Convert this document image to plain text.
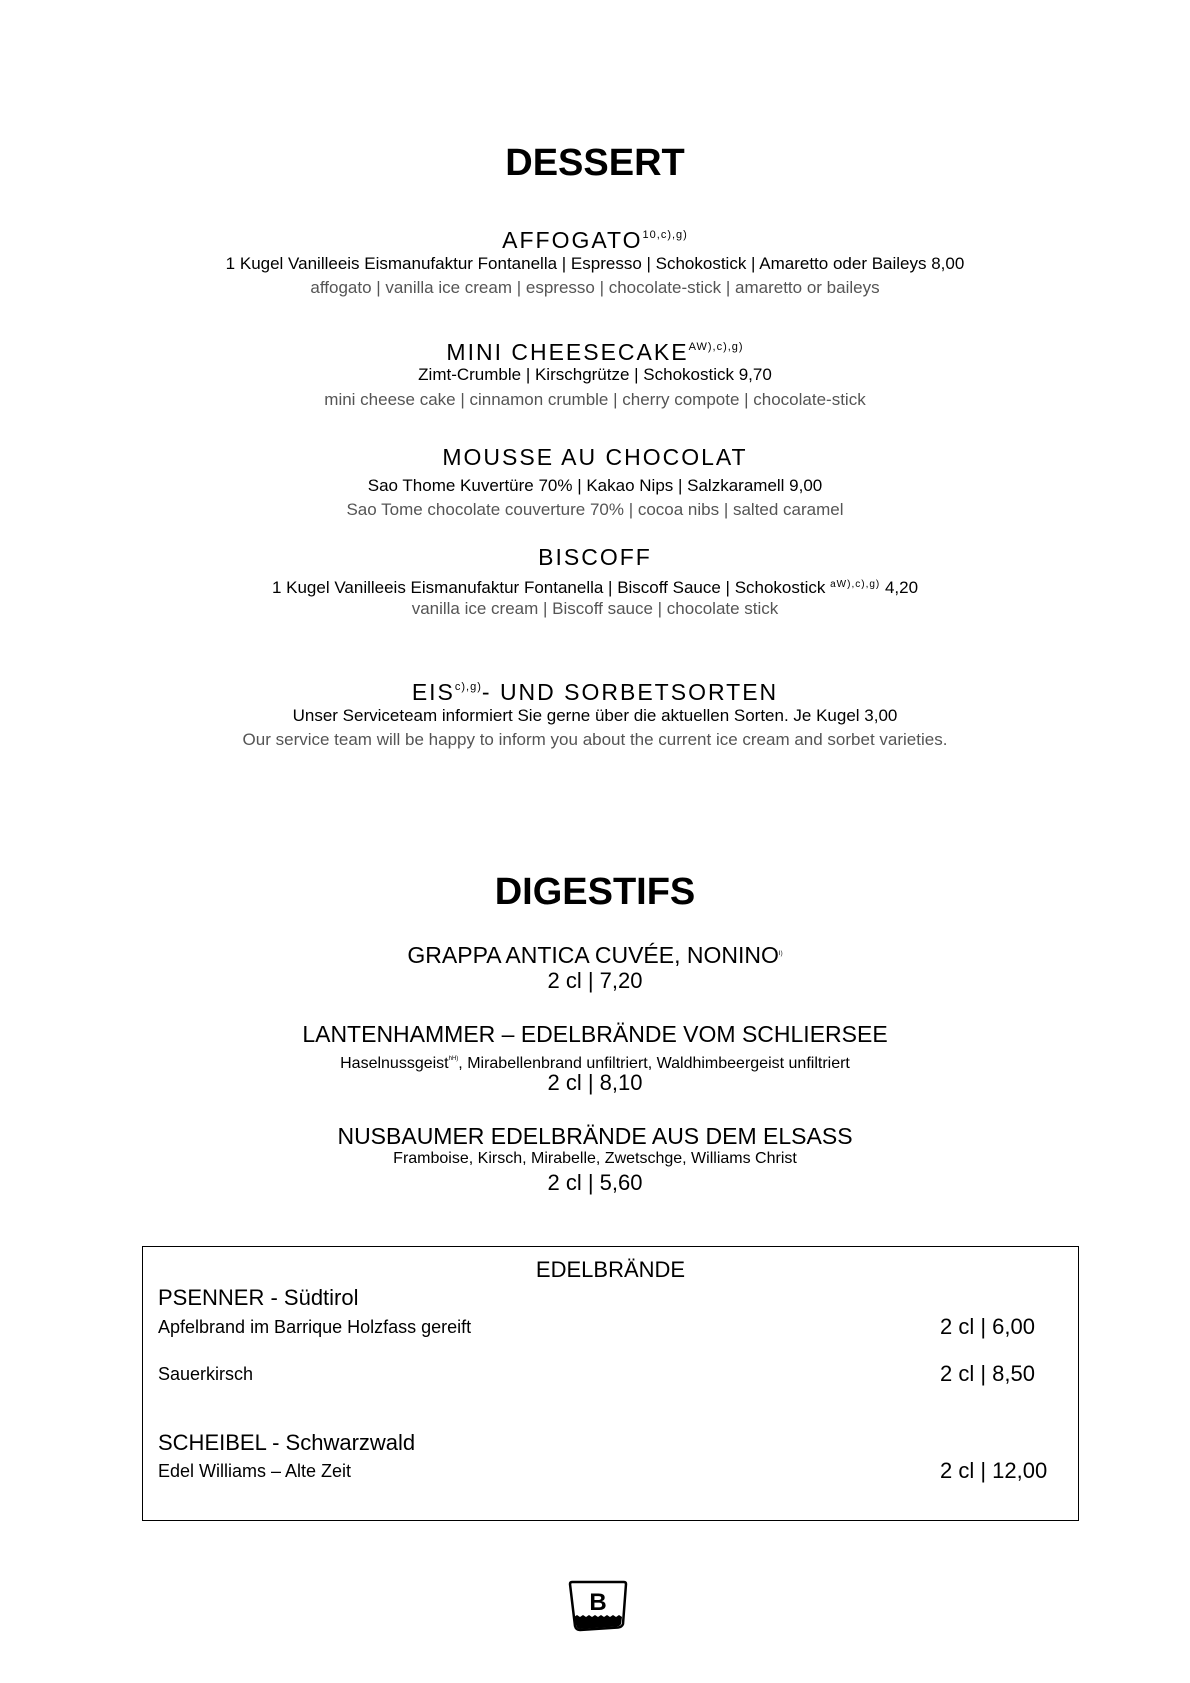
DESSERT
$AFFOGATO^{10,c),g)}$
1 Kugel Vanilleeis Eismanufaktur Fontanella | Espresso | Schokostick | Amaretto oder Baileys 8,00
affogato | vanilla ice cream | espresso | chocolate-stick | amaretto or baileys
MINI $CHEESECAKE^{AW),c),g)}$
Zimt-Crumble | Kirschgrütze | Schokostick 9,70
mini cheese cake | cinnamon crumble | cherry compote | chocolate-stick
MOUSSE AU CHOCOLAT
Sao Thome Kuvertüre 70% | Kakao Nips | Salzkaramell 9,00
Sao Tome chocolate couverture 70% | cocoa nibs | salted caramel
BISCOFF
1 Kugel Vanilleeis Eismanufaktur Fontanella | Biscoff Sauce | Schokostick $^{aW),c),g)}$ 4,20
vanilla ice cream | Biscoff sauce | chocolate stick
$EIS^{c),g)}-$ UND SORBETSORTEN
Unser Serviceteam informiert Sie gerne über die aktuellen Sorten. Je Kugel 3,00
Our service team will be happy to inform you about the current ice cream and sorbet varieties.
DIGESTIFS
GRAPPA ANTICA CUVÉE, $NONINO^{I)}$
2 cl | 7,20
LANTENHAMMER – EDELBRÄNDE VOM SCHLIERSEE
Haselnussgeist$^{hH)}$, Mirabellenbrand unfiltriert, Waldhimbeergeist unfiltriert
2 cl | 8,10
NUSBAUMER EDELBRÄNDE AUS DEM ELSASS
Framboise, Kirsch, Mirabelle, Zwetschge, Williams Christ
2 cl | 5,60
EDELBRÄNDE
PSENNER - Südtirol
Apfelbrand im Barrique Holzfass gereift	2 cl | 6,00
Sauerkirsch	2 cl | 8,50
SCHEIBEL - Schwarzwald
Edel Williams – Alte Zeit	2 cl | 12,00
B
